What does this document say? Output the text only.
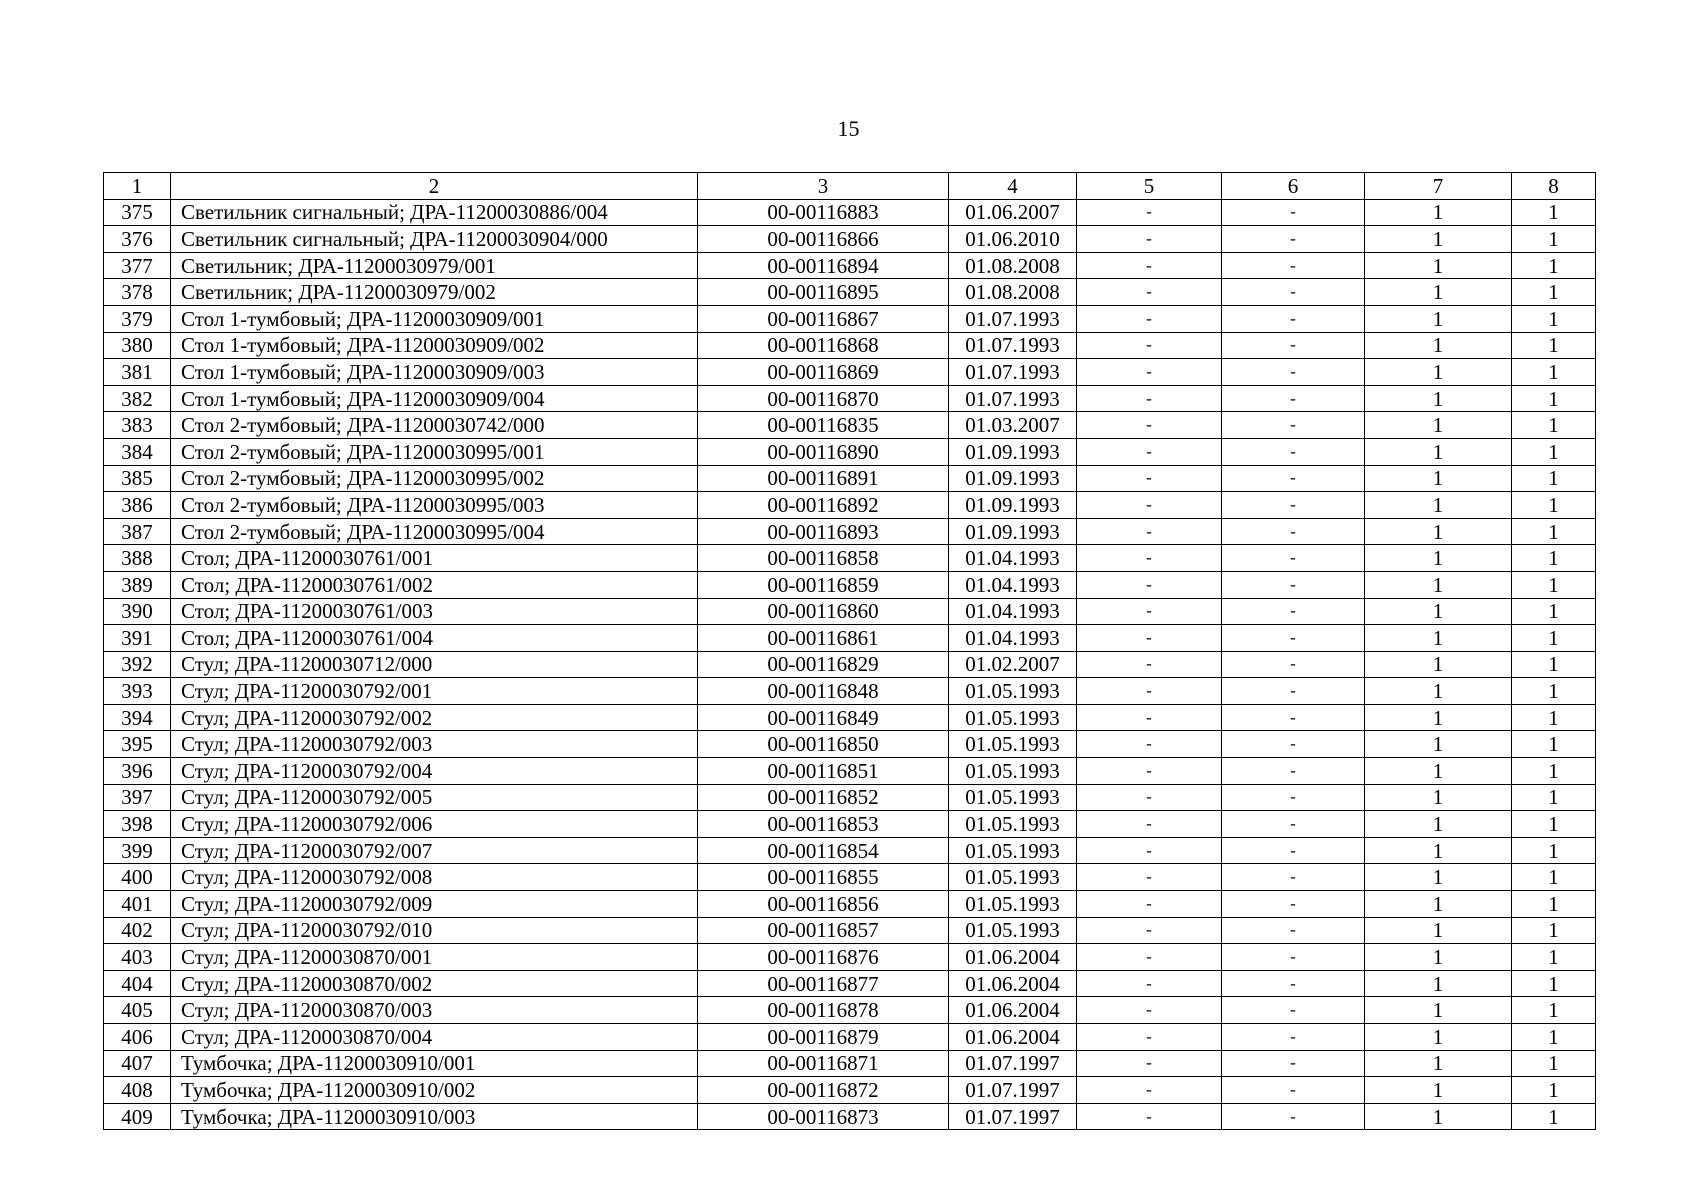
15
1	2	3	4	5	6	7	8
375	Светильник сигнальный; ДРА-11200030886/004	00-00116883	01.06.2007	-	-	1	1
376	Светильник сигнальный; ДРА-11200030904/000	00-00116866	01.06.2010	-	-	1	1
377	Светильник; ДРА-11200030979/001	00-00116894	01.08.2008	-	-	1	1
378	Светильник; ДРА-11200030979/002	00-00116895	01.08.2008	-	-	1	1
379	Стол 1-тумбовый; ДРА-11200030909/001	00-00116867	01.07.1993	-	-	1	1
380	Стол 1-тумбовый; ДРА-11200030909/002	00-00116868	01.07.1993	-	-	1	1
381	Стол 1-тумбовый; ДРА-11200030909/003	00-00116869	01.07.1993	-	-	1	1
382	Стол 1-тумбовый; ДРА-11200030909/004	00-00116870	01.07.1993	-	-	1	1
383	Стол 2-тумбовый; ДРА-11200030742/000	00-00116835	01.03.2007	-	-	1	1
384	Стол 2-тумбовый; ДРА-11200030995/001	00-00116890	01.09.1993	-	-	1	1
385	Стол 2-тумбовый; ДРА-11200030995/002	00-00116891	01.09.1993	-	-	1	1
386	Стол 2-тумбовый; ДРА-11200030995/003	00-00116892	01.09.1993	-	-	1	1
387	Стол 2-тумбовый; ДРА-11200030995/004	00-00116893	01.09.1993	-	-	1	1
388	Стол; ДРА-11200030761/001	00-00116858	01.04.1993	-	-	1	1
389	Стол; ДРА-11200030761/002	00-00116859	01.04.1993	-	-	1	1
390	Стол; ДРА-11200030761/003	00-00116860	01.04.1993	-	-	1	1
391	Стол; ДРА-11200030761/004	00-00116861	01.04.1993	-	-	1	1
392	Стул; ДРА-11200030712/000	00-00116829	01.02.2007	-	-	1	1
393	Стул; ДРА-11200030792/001	00-00116848	01.05.1993	-	-	1	1
394	Стул; ДРА-11200030792/002	00-00116849	01.05.1993	-	-	1	1
395	Стул; ДРА-11200030792/003	00-00116850	01.05.1993	-	-	1	1
396	Стул; ДРА-11200030792/004	00-00116851	01.05.1993	-	-	1	1
397	Стул; ДРА-11200030792/005	00-00116852	01.05.1993	-	-	1	1
398	Стул; ДРА-11200030792/006	00-00116853	01.05.1993	-	-	1	1
399	Стул; ДРА-11200030792/007	00-00116854	01.05.1993	-	-	1	1
400	Стул; ДРА-11200030792/008	00-00116855	01.05.1993	-	-	1	1
401	Стул; ДРА-11200030792/009	00-00116856	01.05.1993	-	-	1	1
402	Стул; ДРА-11200030792/010	00-00116857	01.05.1993	-	-	1	1
403	Стул; ДРА-11200030870/001	00-00116876	01.06.2004	-	-	1	1
404	Стул; ДРА-11200030870/002	00-00116877	01.06.2004	-	-	1	1
405	Стул; ДРА-11200030870/003	00-00116878	01.06.2004	-	-	1	1
406	Стул; ДРА-11200030870/004	00-00116879	01.06.2004	-	-	1	1
407	Тумбочка; ДРА-11200030910/001	00-00116871	01.07.1997	-	-	1	1
408	Тумбочка; ДРА-11200030910/002	00-00116872	01.07.1997	-	-	1	1
409	Тумбочка; ДРА-11200030910/003	00-00116873	01.07.1997	-	-	1	1
